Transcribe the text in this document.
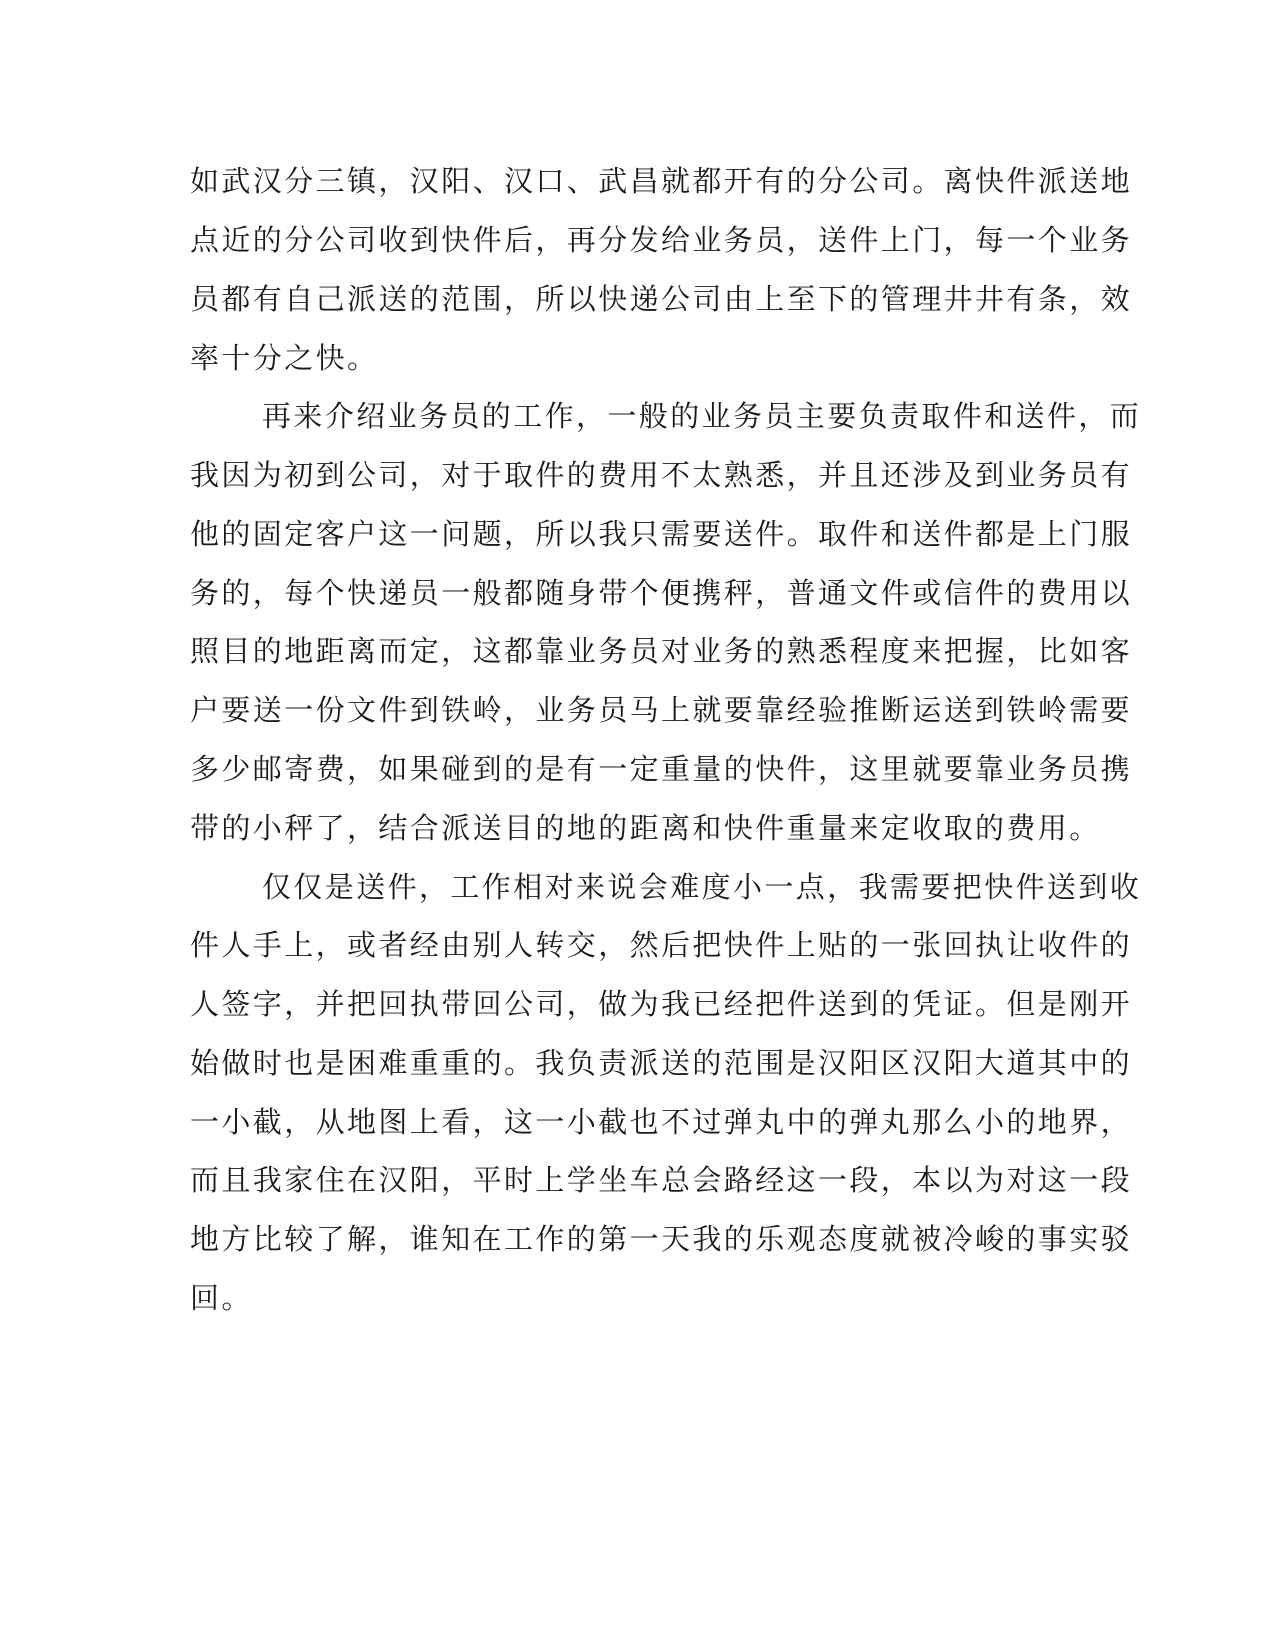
如武汉分三镇，汉阳、汉口、武昌就都开有的分公司。离快件派送地
点近的分公司收到快件后，再分发给业务员，送件上门，每一个业务
员都有自己派送的范围，所以快递公司由上至下的管理井井有条，效
率十分之快。
再来介绍业务员的工作，一般的业务员主要负责取件和送件，而
我因为初到公司，对于取件的费用不太熟悉，并且还涉及到业务员有
他的固定客户这一问题，所以我只需要送件。取件和送件都是上门服
务的，每个快递员一般都随身带个便携秤，普通文件或信件的费用以
照目的地距离而定，这都靠业务员对业务的熟悉程度来把握，比如客
户要送一份文件到铁岭，业务员马上就要靠经验推断运送到铁岭需要
多少邮寄费，如果碰到的是有一定重量的快件，这里就要靠业务员携
带的小秤了，结合派送目的地的距离和快件重量来定收取的费用。
仅仅是送件，工作相对来说会难度小一点，我需要把快件送到收
件人手上，或者经由别人转交，然后把快件上贴的一张回执让收件的
人签字，并把回执带回公司，做为我已经把件送到的凭证。但是刚开
始做时也是困难重重的。我负责派送的范围是汉阳区汉阳大道其中的
一小截，从地图上看，这一小截也不过弹丸中的弹丸那么小的地界，
而且我家住在汉阳，平时上学坐车总会路经这一段，本以为对这一段
地方比较了解，谁知在工作的第一天我的乐观态度就被冷峻的事实驳
回。
